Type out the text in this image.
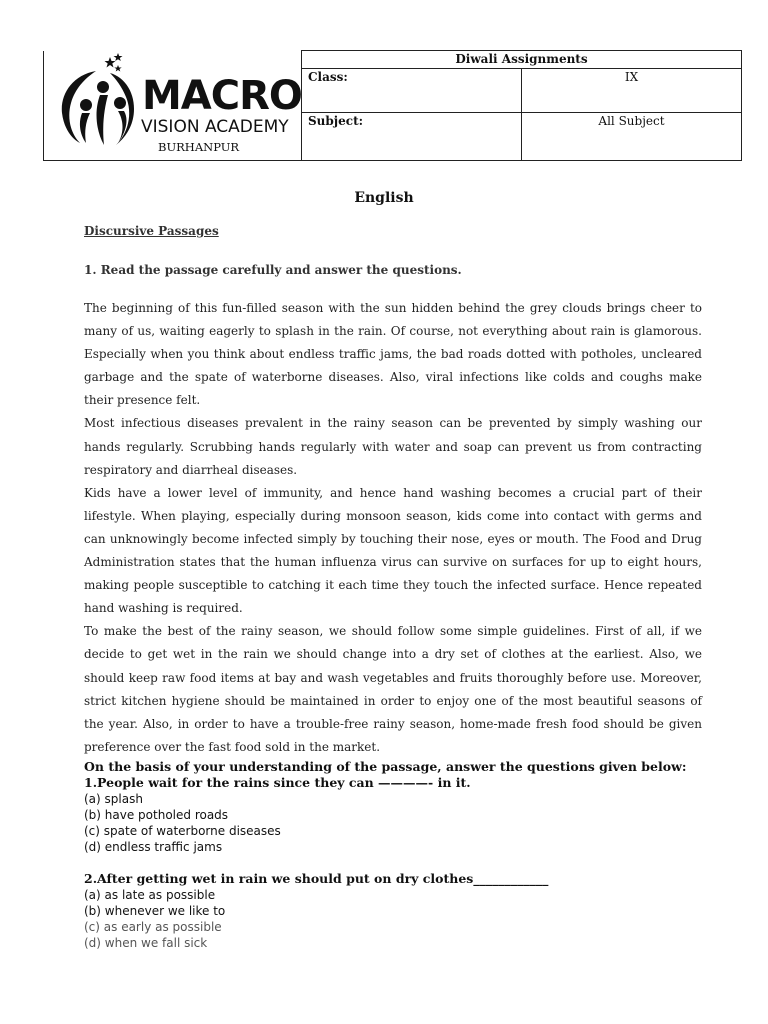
MACRO
VISION ACADEMY
BURHANPUR	Diwali Assignments	
	Class:	IX
	Subject:	All Subject
English
Discursive Passages
1. Read the passage carefully and answer the questions.

The beginning of this fun-filled season with the sun hidden behind the grey clouds brings cheer to many of us, waiting eagerly to splash in the rain. Of course, not everything about rain is glamorous. Especially when you think about endless traffic jams, the bad roads dotted with potholes, uncleared garbage and the spate of waterborne diseases. Also, viral infections like colds and coughs make their presence felt.

Most infectious diseases prevalent in the rainy season can be prevented by simply washing our hands regularly. Scrubbing hands regularly with water and soap can prevent us from contracting respiratory and diarrheal diseases.

Kids have a lower level of immunity, and hence hand washing becomes a crucial part of their lifestyle. When playing, especially during monsoon season, kids come into contact with germs and can unknowingly become infected simply by touching their nose, eyes or mouth. The Food and Drug Administration states that the human influenza virus can survive on surfaces for up to eight hours, making people susceptible to catching it each time they touch the infected surface. Hence repeated hand washing is required.

To make the best of the rainy season, we should follow some simple guidelines. First of all, if we decide to get wet in the rain we should change into a dry set of clothes at the earliest. Also, we should keep raw food items at bay and wash vegetables and fruits thoroughly before use. Moreover, strict kitchen hygiene should be maintained in order to enjoy one of the most beautiful seasons of the year. Also, in order to have a trouble-free rainy season, home-made fresh food should be given preference over the fast food sold in the market.

On the basis of your understanding of the passage, answer the questions given below:
1.People wait for the rains since they can ————- in it.
(a) splash
(b) have potholed roads
(c) spate of waterborne diseases
(d) endless traffic jams
2.After getting wet in rain we should put on dry clothes____________
(a) as late as possible
(b) whenever we like to
(c) as early as possible
(d) when we fall sick
